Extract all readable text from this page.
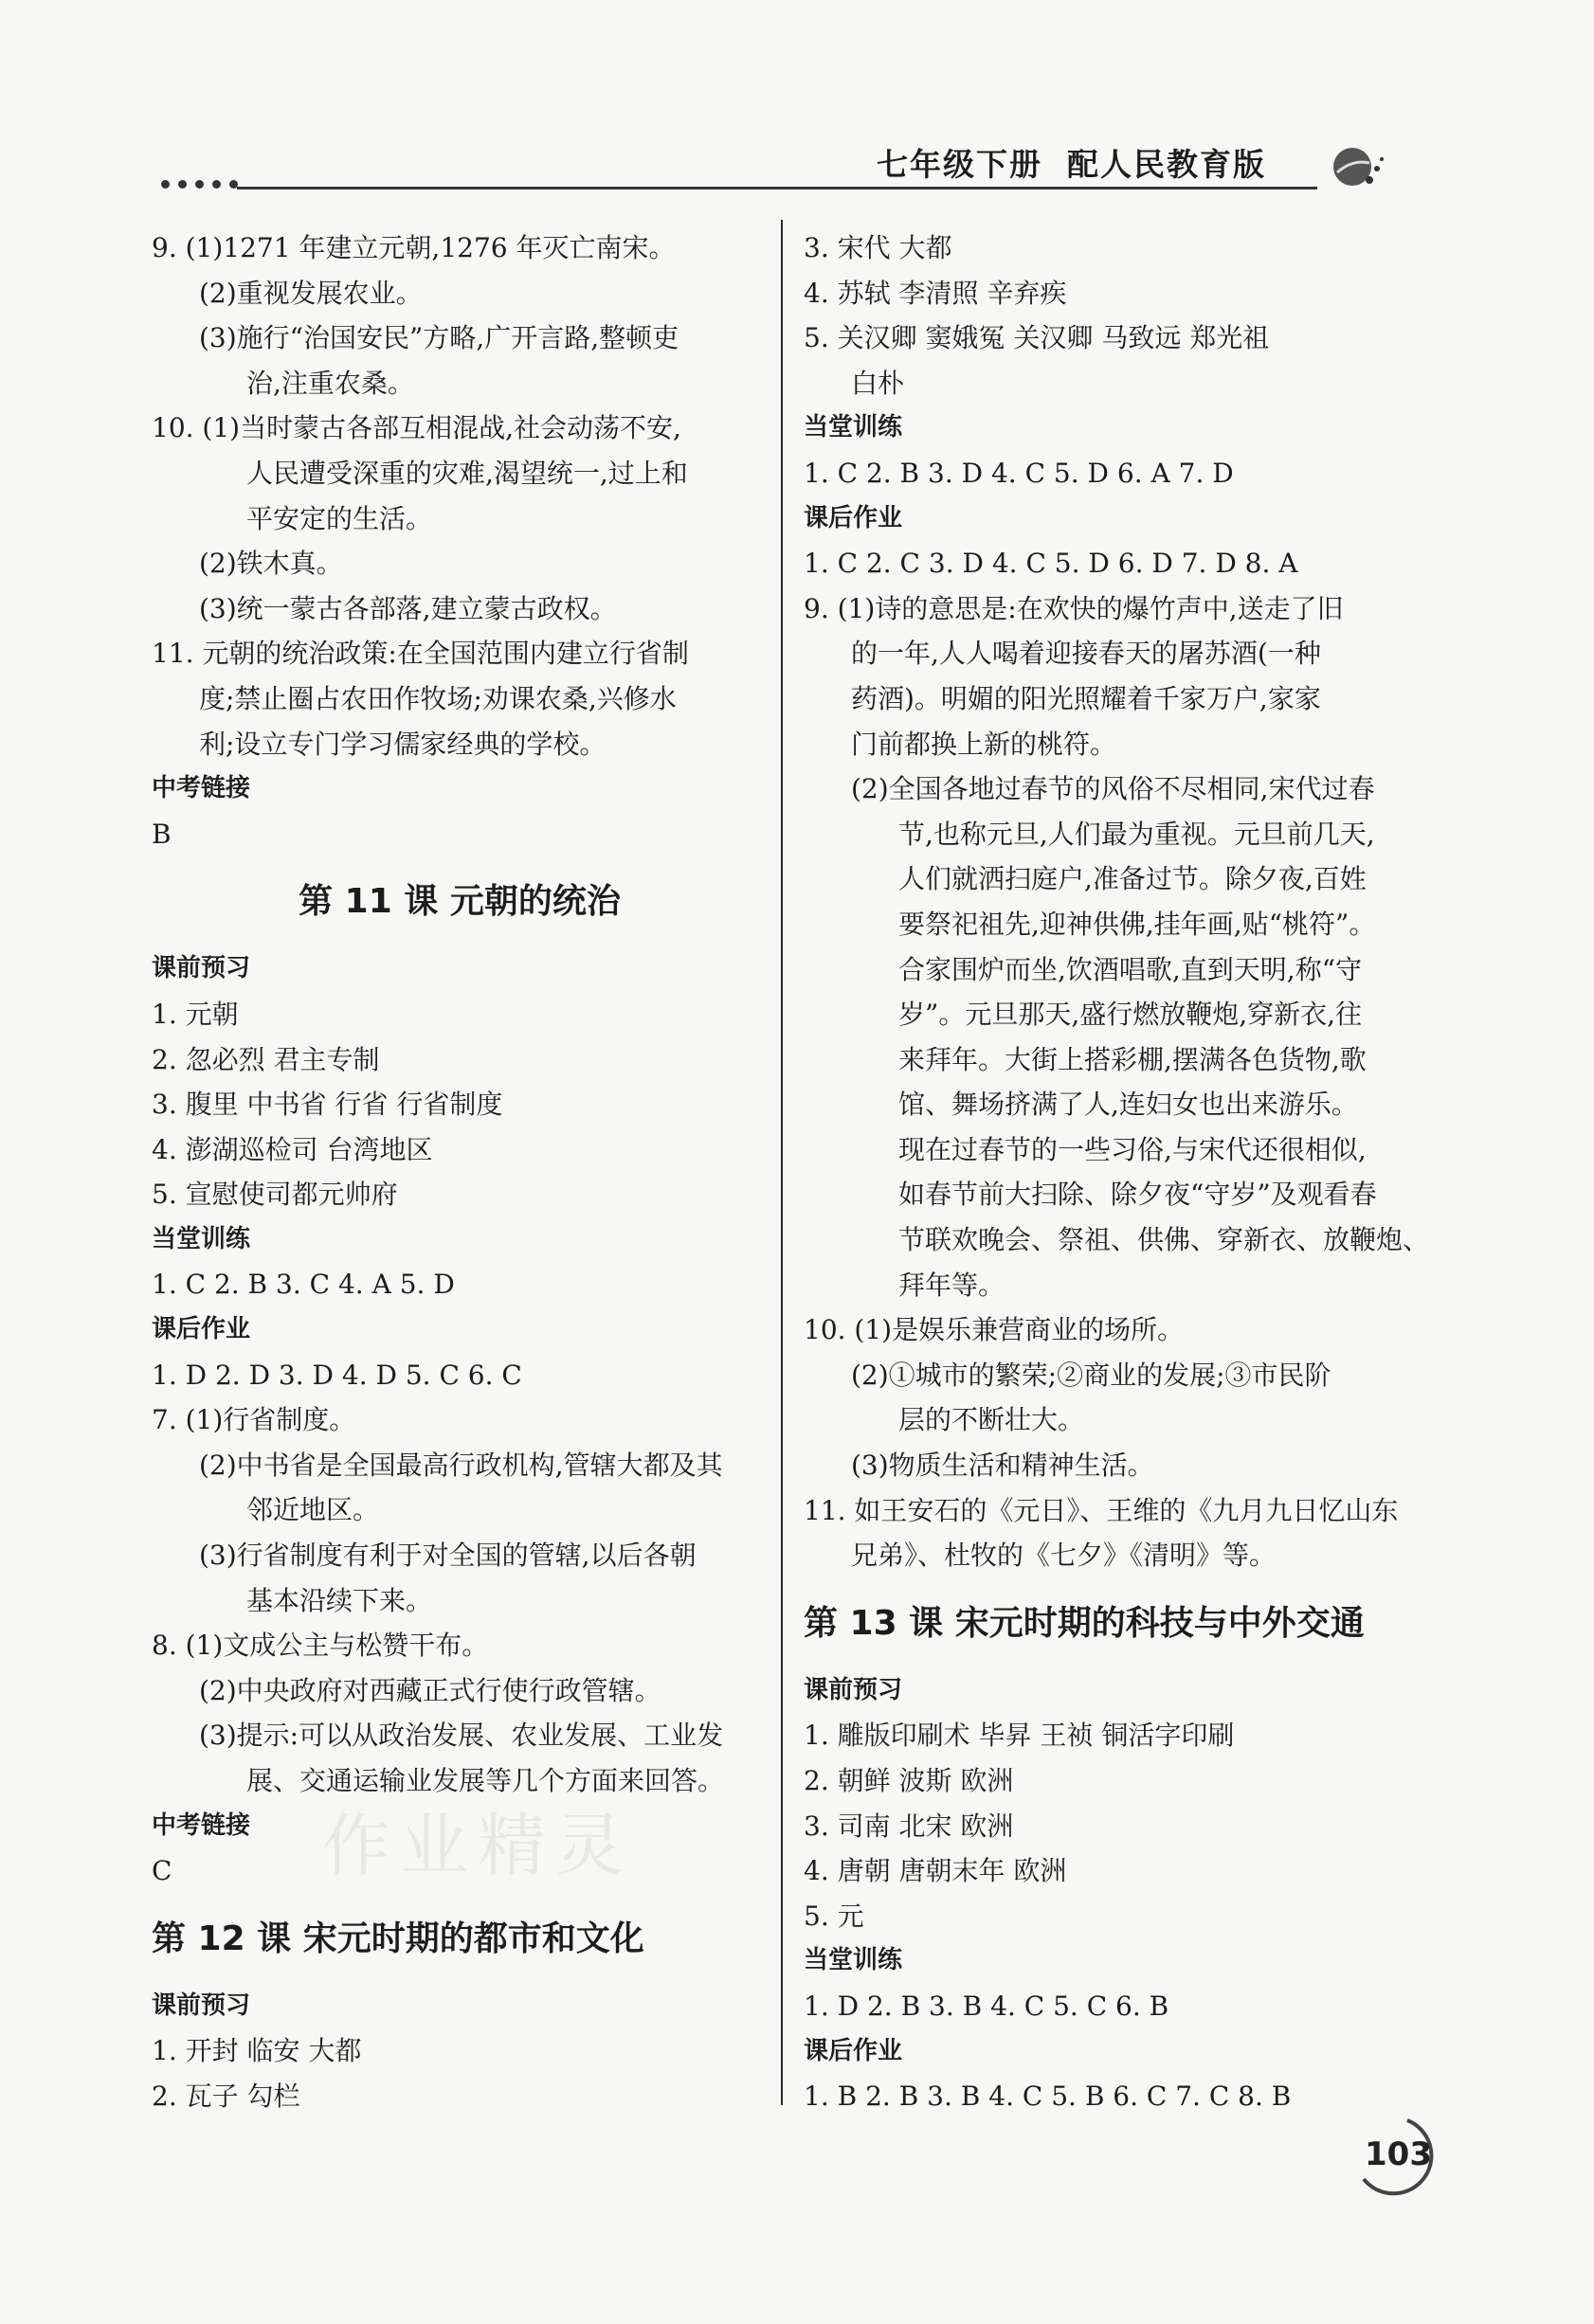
七年级下册 配人民教育版
9. (1)1271 年建立元朝,1276 年灭亡南宋。
(2)重视发展农业。
(3)施行“治国安民”方略,广开言路,整顿吏
治,注重农桑。
10. (1)当时蒙古各部互相混战,社会动荡不安,
人民遭受深重的灾难,渴望统一,过上和
平安定的生活。
(2)铁木真。
(3)统一蒙古各部落,建立蒙古政权。
11. 元朝的统治政策:在全国范围内建立行省制
度;禁止圈占农田作牧场;劝课农桑,兴修水
利;设立专门学习儒家经典的学校。
中考链接
B
第 11 课 元朝的统治
课前预习
1. 元朝
2. 忽必烈 君主专制
3. 腹里 中书省 行省 行省制度
4. 澎湖巡检司 台湾地区
5. 宣慰使司都元帅府
当堂训练
1. C 2. B 3. C 4. A 5. D
课后作业
1. D 2. D 3. D 4. D 5. C 6. C
7. (1)行省制度。
(2)中书省是全国最高行政机构,管辖大都及其
邻近地区。
(3)行省制度有利于对全国的管辖,以后各朝
基本沿续下来。
8. (1)文成公主与松赞干布。
(2)中央政府对西藏正式行使行政管辖。
(3)提示:可以从政治发展、农业发展、工业发
展、交通运输业发展等几个方面来回答。
中考链接
C
第 12 课 宋元时期的都市和文化
课前预习
1. 开封 临安 大都
2. 瓦子 勾栏
3. 宋代 大都
4. 苏轼 李清照 辛弃疾
5. 关汉卿 窦娥冤 关汉卿 马致远 郑光祖
白朴
当堂训练
1. C 2. B 3. D 4. C 5. D 6. A 7. D
课后作业
1. C 2. C 3. D 4. C 5. D 6. D 7. D 8. A
9. (1)诗的意思是:在欢快的爆竹声中,送走了旧
的一年,人人喝着迎接春天的屠苏酒(一种
药酒)。明媚的阳光照耀着千家万户,家家
门前都换上新的桃符。
(2)全国各地过春节的风俗不尽相同,宋代过春
节,也称元旦,人们最为重视。元旦前几天,
人们就洒扫庭户,准备过节。除夕夜,百姓
要祭祀祖先,迎神供佛,挂年画,贴“桃符”。
合家围炉而坐,饮酒唱歌,直到天明,称“守
岁”。元旦那天,盛行燃放鞭炮,穿新衣,往
来拜年。大街上搭彩棚,摆满各色货物,歌
馆、舞场挤满了人,连妇女也出来游乐。
现在过春节的一些习俗,与宋代还很相似,
如春节前大扫除、除夕夜“守岁”及观看春
节联欢晚会、祭祖、供佛、穿新衣、放鞭炮、
拜年等。
10. (1)是娱乐兼营商业的场所。
(2)①城市的繁荣;②商业的发展;③市民阶
层的不断壮大。
(3)物质生活和精神生活。
11. 如王安石的《元日》、王维的《九月九日忆山东
兄弟》、杜牧的《七夕》《清明》等。
第 13 课 宋元时期的科技与中外交通
课前预习
1. 雕版印刷术 毕昇 王祯 铜活字印刷
2. 朝鲜 波斯 欧洲
3. 司南 北宋 欧洲
4. 唐朝 唐朝末年 欧洲
5. 元
当堂训练
1. D 2. B 3. B 4. C 5. C 6. B
课后作业
1. B 2. B 3. B 4. C 5. B 6. C 7. C 8. B
作业精灵
103
